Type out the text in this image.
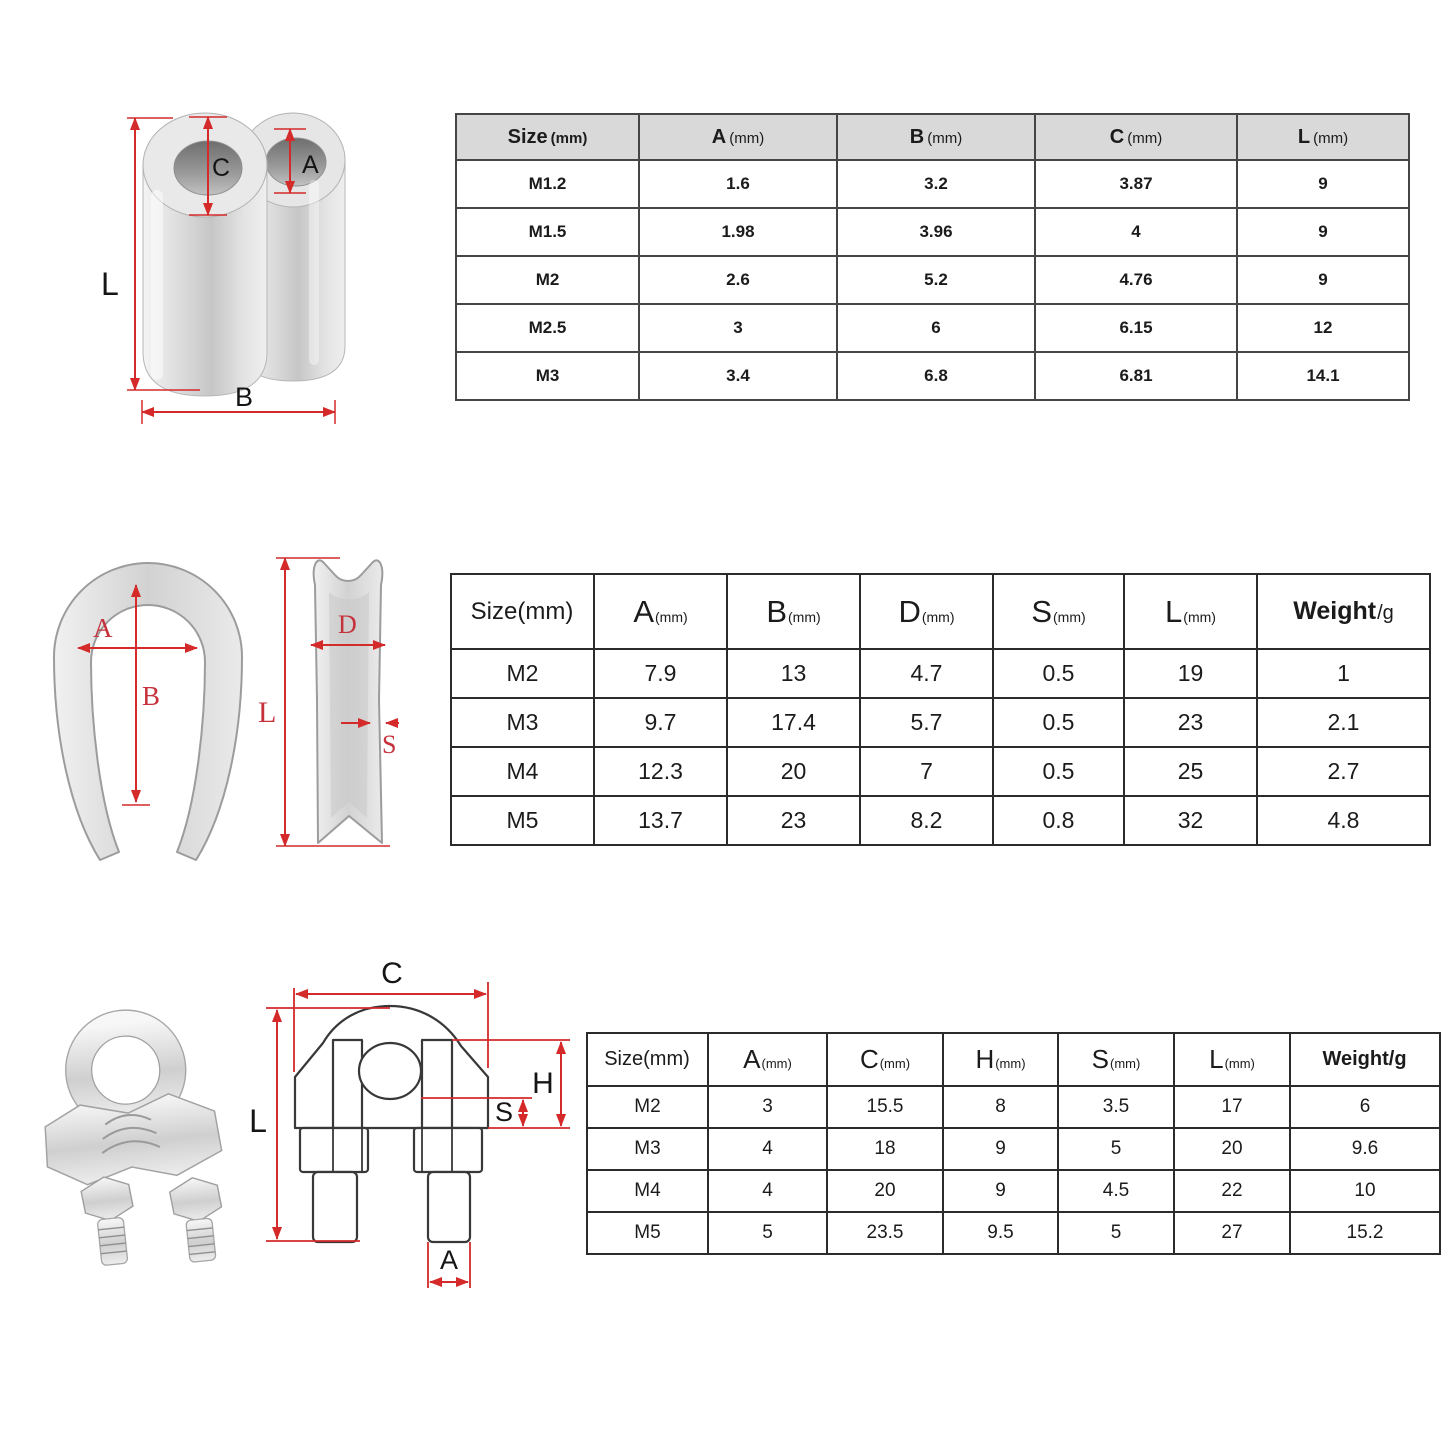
C	A
L
B
Size (mm)	A (mm)	B (mm)	C (mm)	L (mm)
M1.2	1.6	3.2	3.87	9
M1.5	1.98	3.96	4	9
M2	2.6	5.2	4.76	9
M2.5	3	6	6.15	12
M3	3.4	6.8	6.81	14.1
A
B
D
L
S
Size(mm)	A(mm)	B(mm)	D(mm)	S(mm)	L(mm)	Weight/g
M2	7.9	13	4.7	0.5	19	1
M3	9.7	17.4	5.7	0.5	23	2.1
M4	12.3	20	7	0.5	25	2.7
M5	13.7	23	8.2	0.8	32	4.8
C
L
H
S
A
Size(mm)	A(mm)	C(mm)	H(mm)	S(mm)	L(mm)	Weight/g
M2	3	15.5	8	3.5	17	6
M3	4	18	9	5	20	9.6
M4	4	20	9	4.5	22	10
M5	5	23.5	9.5	5	27	15.2
